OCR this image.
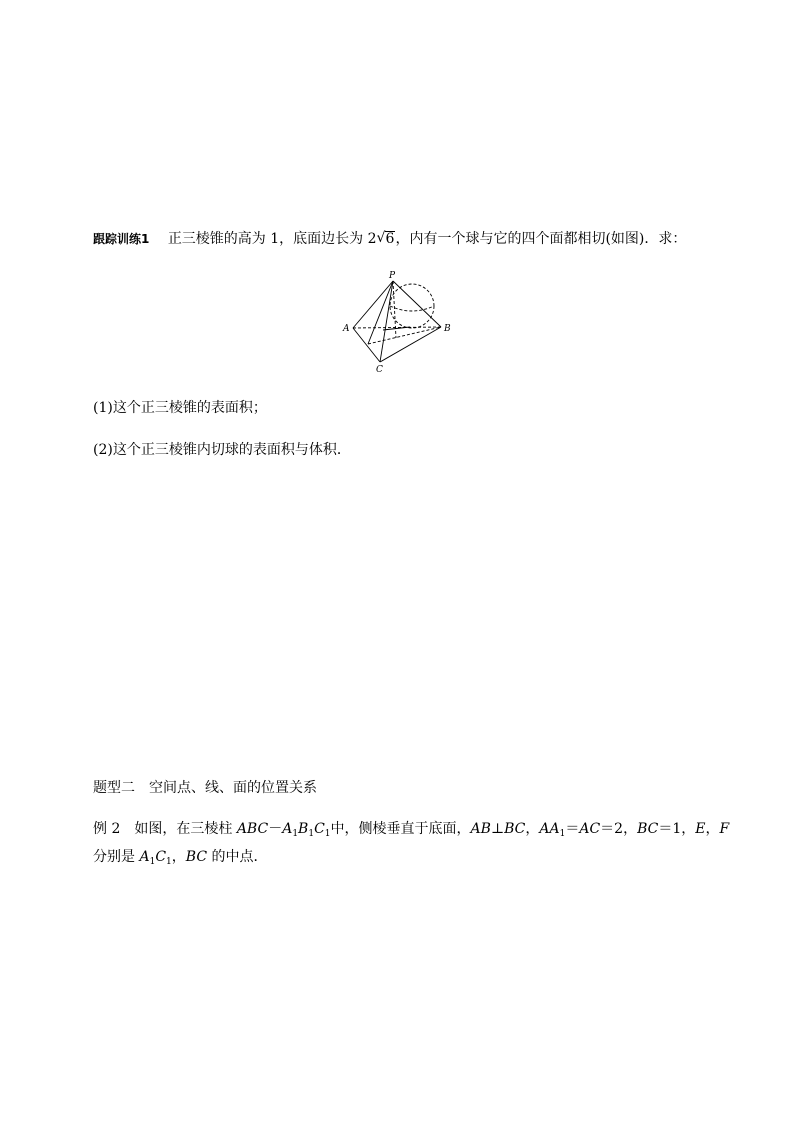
跟踪训练1 正三棱锥的高为 1，底面边长为 2 √ 6，内有一个球与它的四个面都相切(如图)．求：
P
A	B
C
(1)这个正三棱锥的表面积；
(2)这个正三棱锥内切球的表面积与体积．
题型二 空间点、线、面的位置关系
例 2 如图，在三棱柱 $ABC-A_1B_1C_1$中，侧棱垂直于底面，AB⊥BC，$AA_1=AC=2$，BC＝1，E，F
分别是 $A_1C_1$，BC 的中点．
